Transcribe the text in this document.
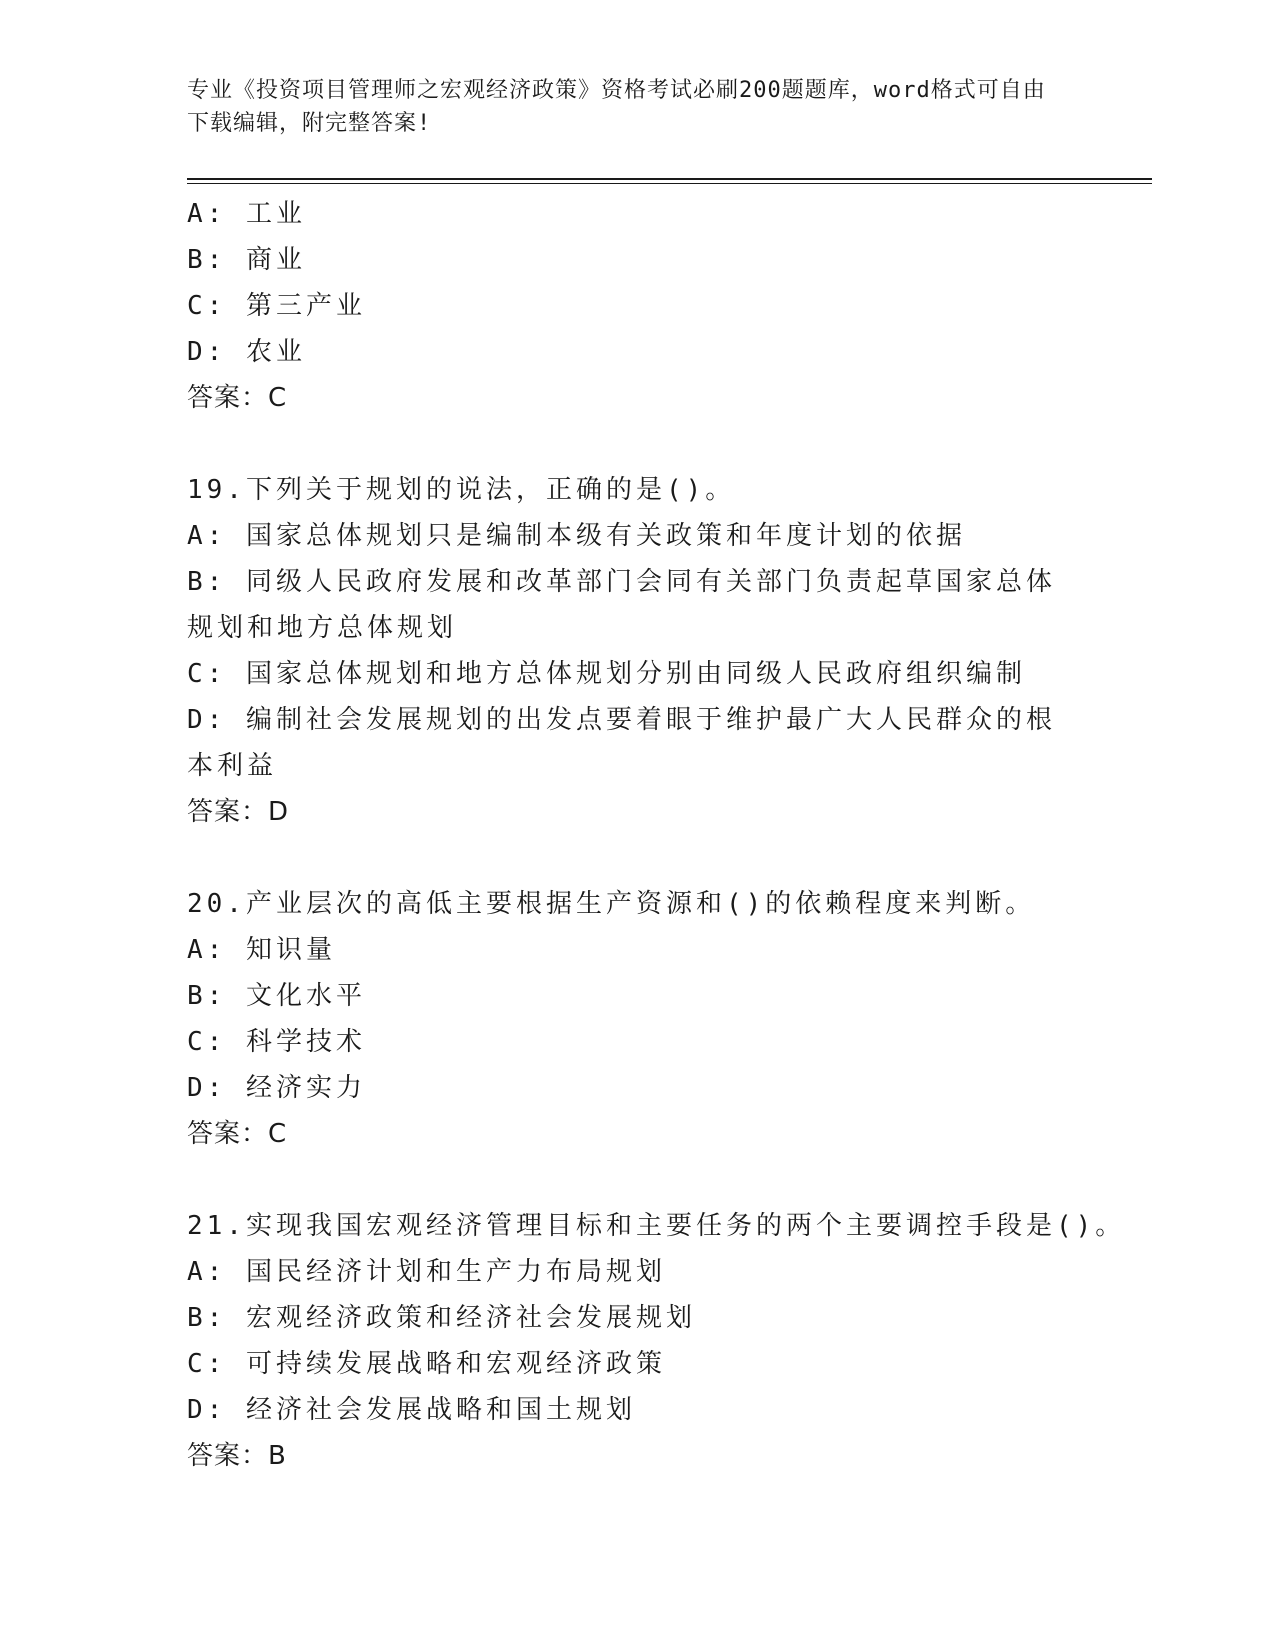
专业《投资项目管理师之宏观经济政策》资格考试必刷200题题库，word格式可自由下载编辑，附完整答案!

A: 工业

B: 商业

C: 第三产业

D: 农业

答案：C

19.下列关于规划的说法，正确的是()。

A: 国家总体规划只是编制本级有关政策和年度计划的依据

B: 同级人民政府发展和改革部门会同有关部门负责起草国家总体规划和地方总体规划

C: 国家总体规划和地方总体规划分别由同级人民政府组织编制

D: 编制社会发展规划的出发点要着眼于维护最广大人民群众的根本利益

答案：D

20.产业层次的高低主要根据生产资源和()的依赖程度来判断。

A: 知识量

B: 文化水平

C: 科学技术

D: 经济实力

答案：C

21.实现我国宏观经济管理目标和主要任务的两个主要调控手段是()。

A: 国民经济计划和生产力布局规划

B: 宏观经济政策和经济社会发展规划

C: 可持续发展战略和宏观经济政策

D: 经济社会发展战略和国土规划

答案：B
